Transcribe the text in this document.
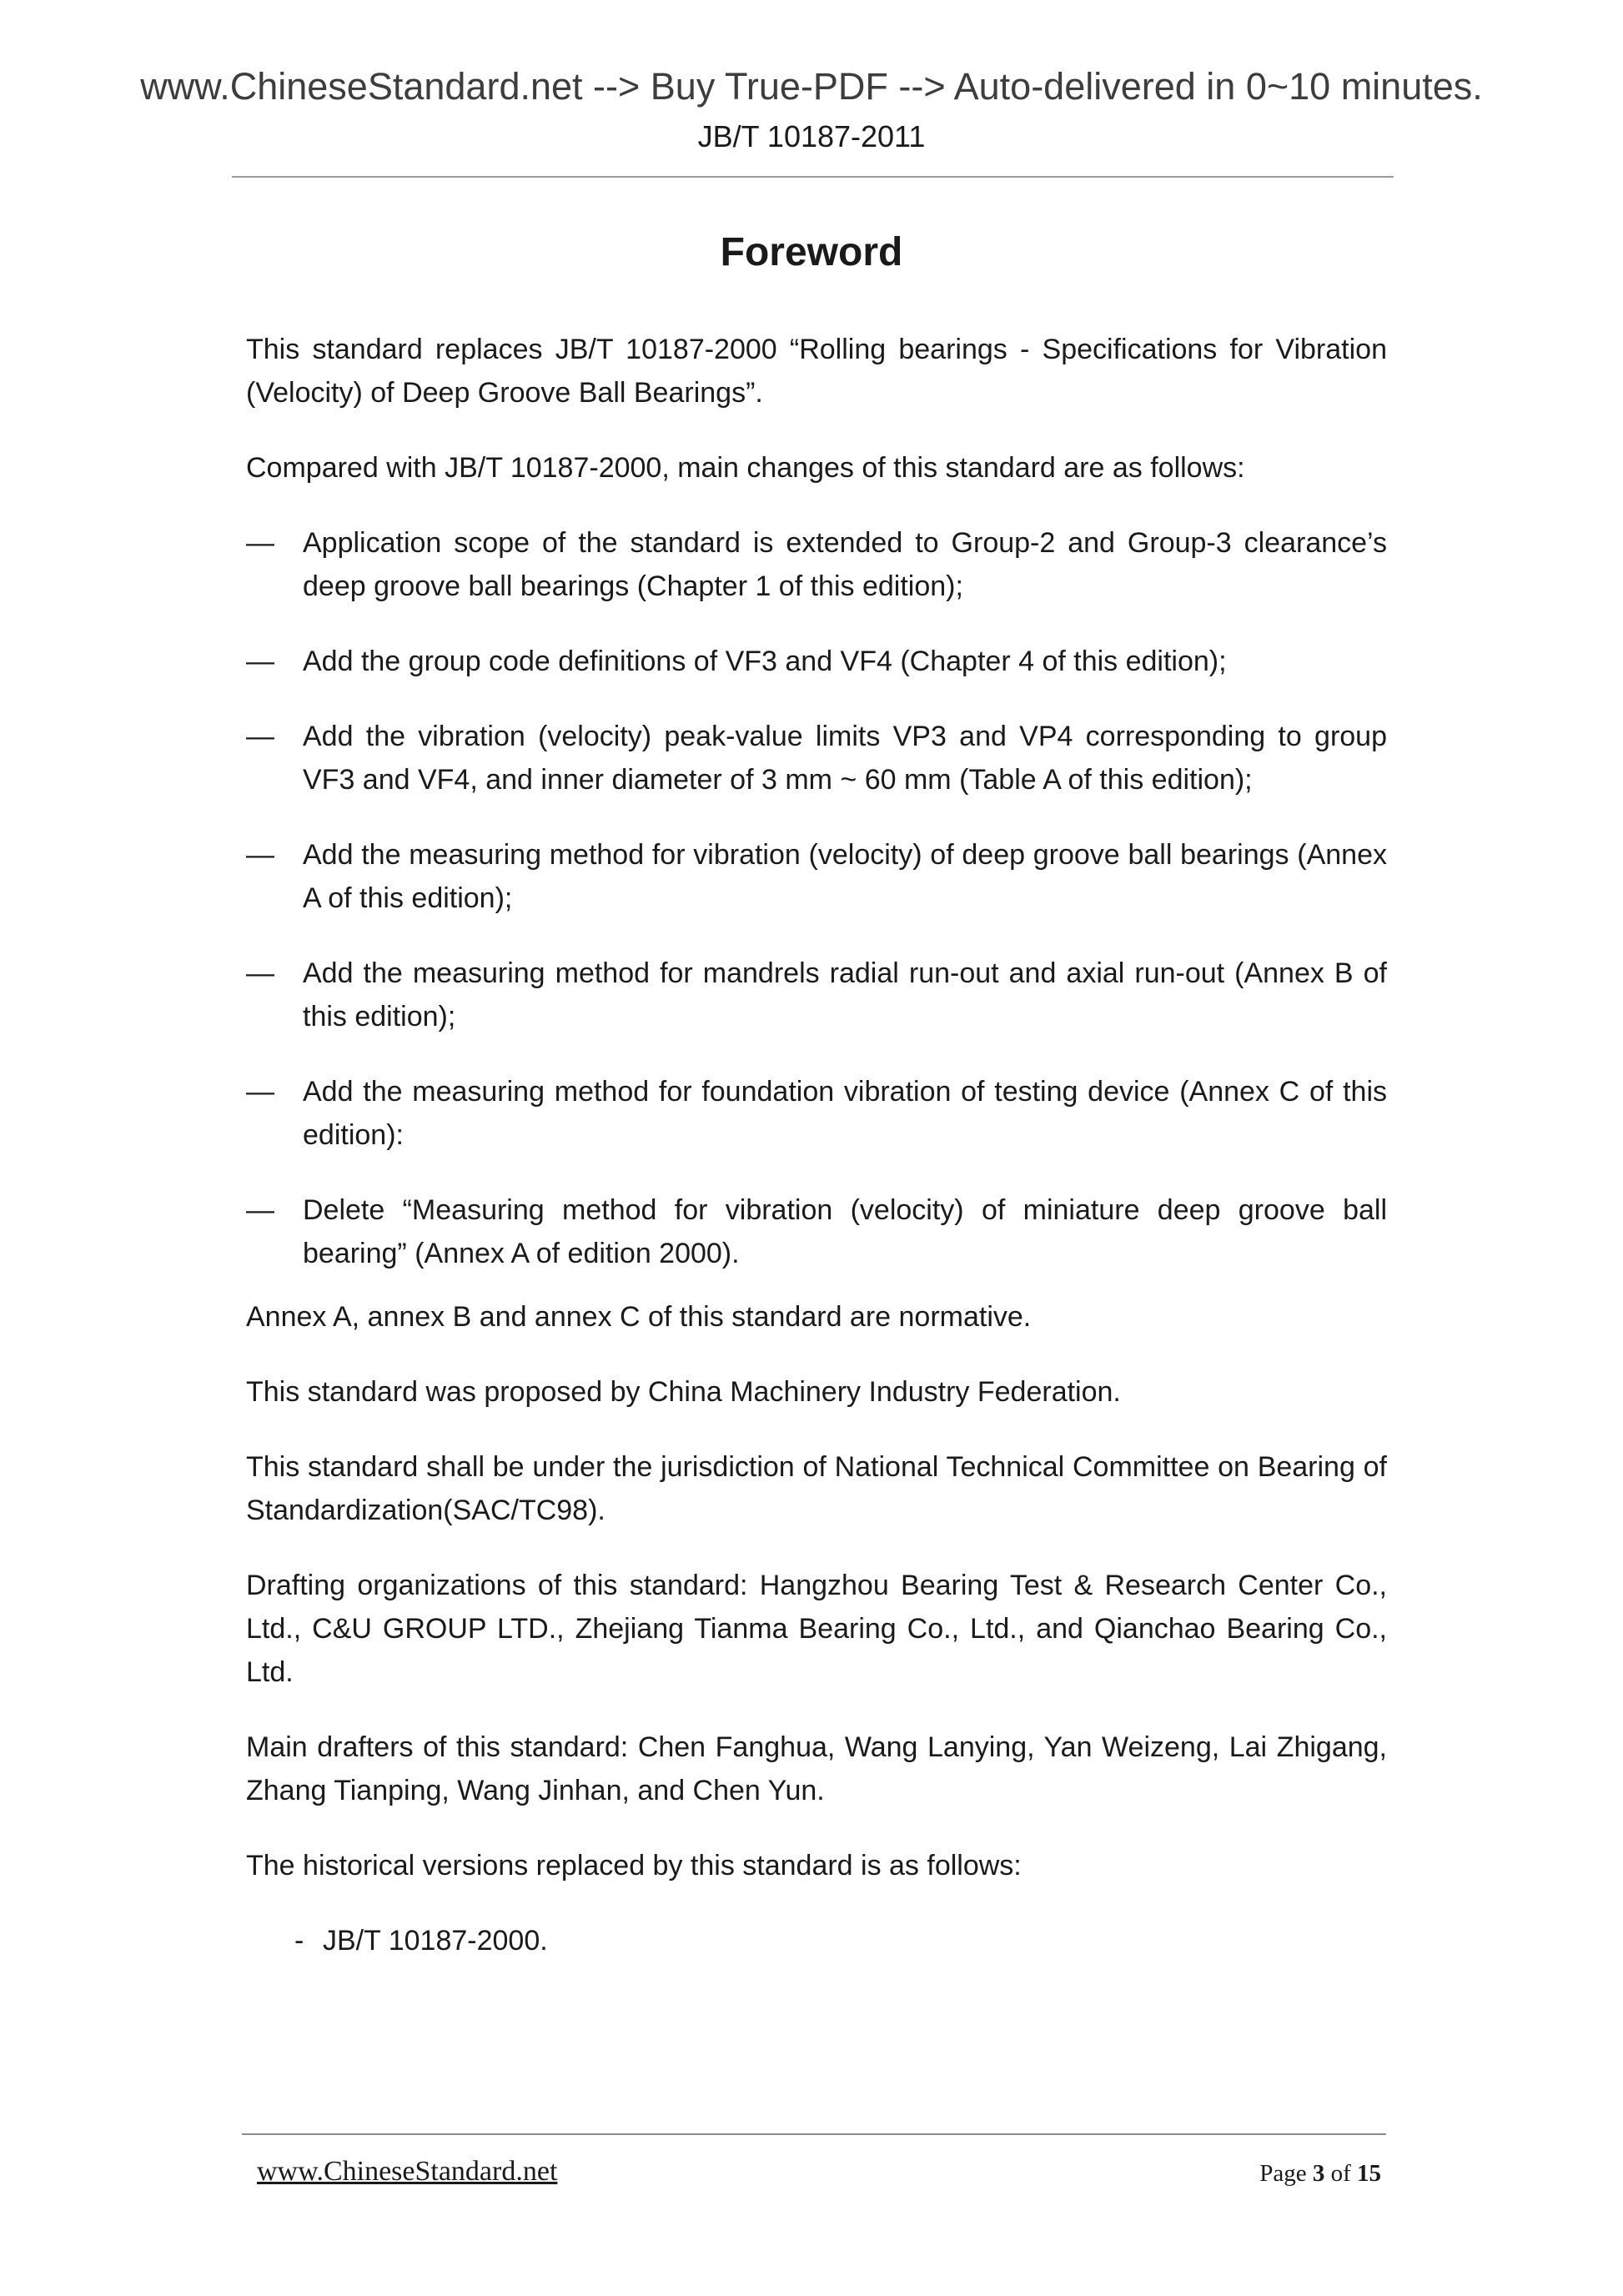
www.ChineseStandard.net --> Buy True-PDF --> Auto-delivered in 0~10 minutes.
JB/T 10187-2011
Foreword

This standard replaces JB/T 10187-2000 “Rolling bearings - Specifications for Vibration (Velocity) of Deep Groove Ball Bearings”.

Compared with JB/T 10187-2000, main changes of this standard are as follows:

— Application scope of the standard is extended to Group-2 and Group-3 clearance’s deep groove ball bearings (Chapter 1 of this edition);
— Add the group code definitions of VF3 and VF4 (Chapter 4 of this edition);
— Add the vibration (velocity) peak-value limits VP3 and VP4 corresponding to group VF3 and VF4, and inner diameter of 3 mm ~ 60 mm (Table A of this edition);
— Add the measuring method for vibration (velocity) of deep groove ball bearings (Annex A of this edition);
— Add the measuring method for mandrels radial run-out and axial run-out (Annex B of this edition);
— Add the measuring method for foundation vibration of testing device (Annex C of this edition):
— Delete “Measuring method for vibration (velocity) of miniature deep groove ball bearing” (Annex A of edition 2000).

Annex A, annex B and annex C of this standard are normative.

This standard was proposed by China Machinery Industry Federation.

This standard shall be under the jurisdiction of National Technical Committee on Bearing of Standardization(SAC/TC98).

Drafting organizations of this standard: Hangzhou Bearing Test & Research Center Co., Ltd., C&U GROUP LTD., Zhejiang Tianma Bearing Co., Ltd., and Qianchao Bearing Co., Ltd.

Main drafters of this standard: Chen Fanghua, Wang Lanying, Yan Weizeng, Lai Zhigang, Zhang Tianping, Wang Jinhan, and Chen Yun.

The historical versions replaced by this standard is as follows:

- JB/T 10187-2000.
www.ChineseStandard.net	Page 3 of 15
